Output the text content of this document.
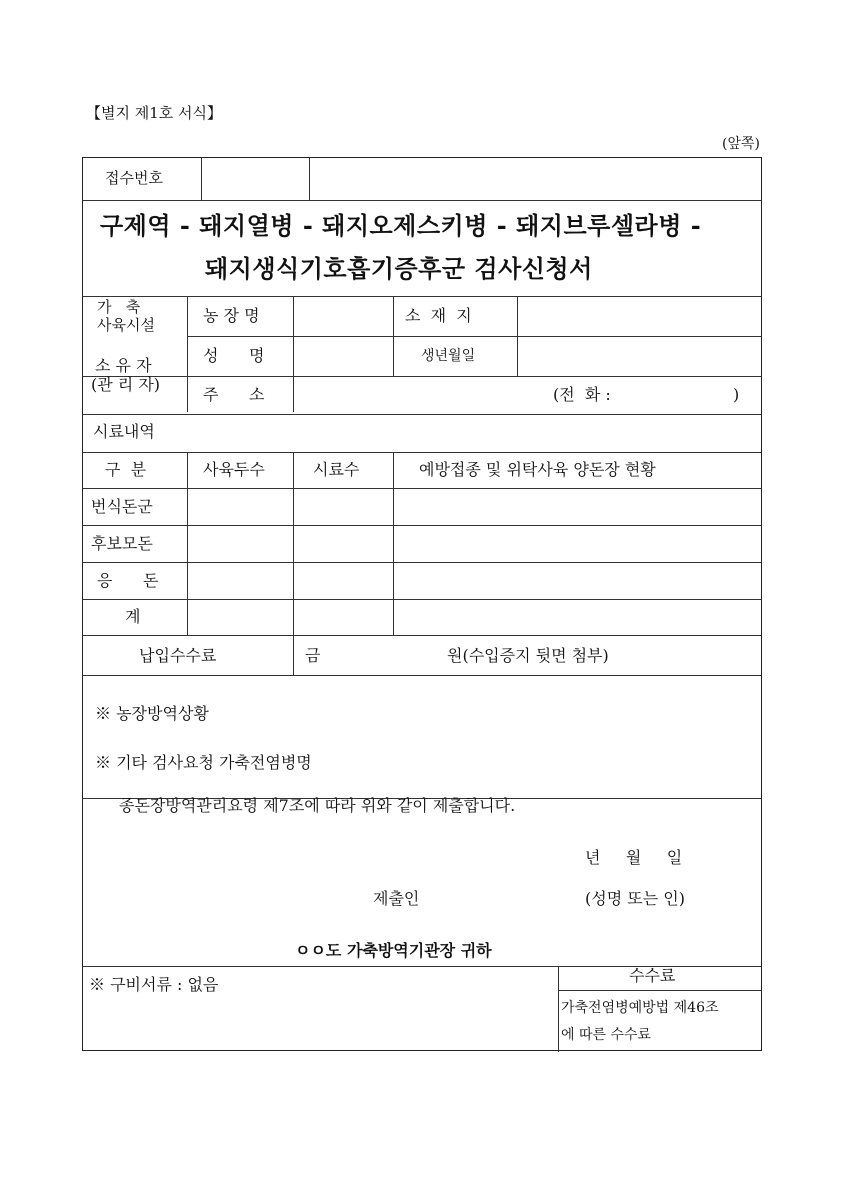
【별지 제1호 서식】
(앞쪽)
접수번호
구제역 - 돼지열병 - 돼지오제스키병 - 돼지브루셀라병 -
돼지생식기호흡기증후군 검사신청서
가   축
사육시설	농 장 명	소  재  지
소 유 자
(관 리 자)
성      명	생년월일
주      소	(전  화 :	)
시료내역
구  분	사육두수	시료수	예방접종 및 위탁사육 양돈장 현황
번식돈군
후보모돈
응      돈
계
납입수수료	금	원(수입증지 뒷면 첨부)
※ 농장방역상황
※ 기타 검사요청 가축전염병명
종돈장방역관리요령 제7조에 따라 위와 같이 제출합니다.
년     월     일
제출인	(성명 또는 인)
ㅇㅇ도 가축방역기관장 귀하
※ 구비서류 : 없음	수수료
가축전염병예방법 제46조
에 따른 수수료
